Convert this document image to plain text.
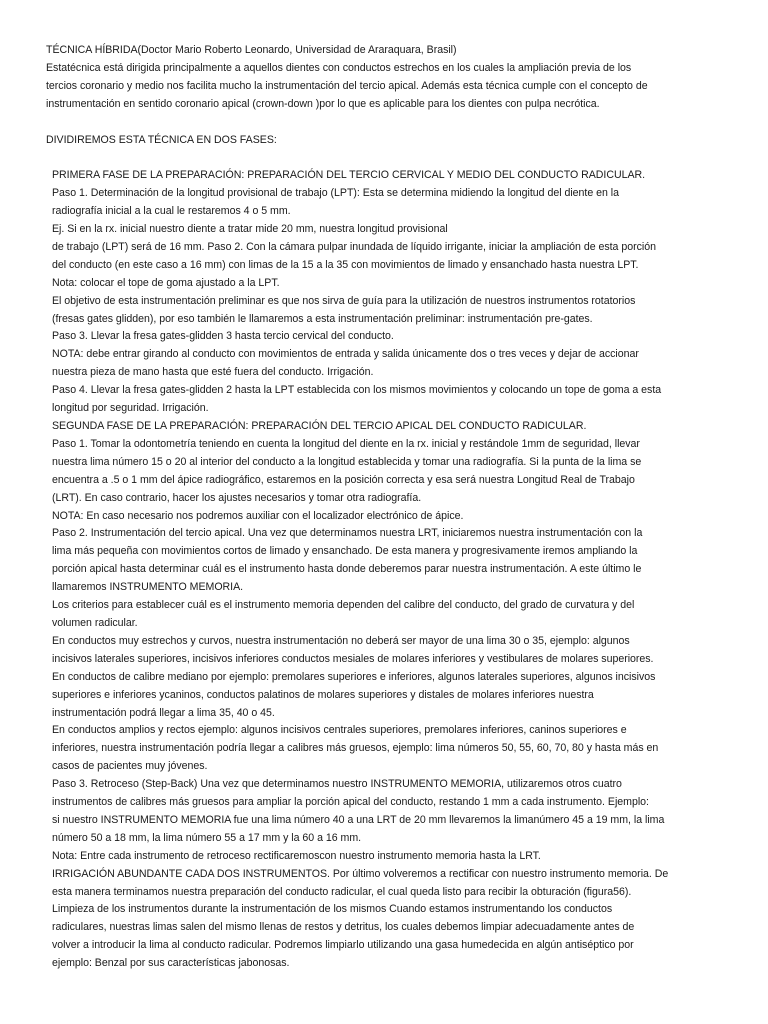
TÉCNICA HÍBRIDA(Doctor Mario Roberto Leonardo, Universidad de Araraquara, Brasil)
Estatécnica está dirigida principalmente a aquellos dientes con conductos estrechos en los cuales la ampliación previa de los
tercios coronario y medio nos facilita mucho la instrumentación del tercio apical. Además esta técnica cumple con el concepto de
instrumentación en sentido coronario apical (crown-down )por lo que es aplicable para los dientes con pulpa necrótica.
DIVIDIREMOS ESTA TÉCNICA EN DOS FASES:
PRIMERA FASE DE LA PREPARACIÓN: PREPARACIÓN DEL TERCIO CERVICAL Y MEDIO DEL CONDUCTO RADICULAR.
Paso 1. Determinación de la longitud provisional de trabajo (LPT): Esta se determina midiendo la longitud del diente en la
radiografía inicial a la cual le restaremos 4 o 5 mm.
Ej. Si en la rx. inicial nuestro diente a tratar mide 20 mm, nuestra longitud provisional
de trabajo (LPT) será de 16 mm. Paso 2. Con la cámara pulpar inundada de líquido irrigante, iniciar la ampliación de esta porción
del conducto (en este caso a 16 mm) con limas de la 15 a la 35 con movimientos de limado y ensanchado hasta nuestra LPT.
Nota: colocar el tope de goma ajustado a la LPT.
El objetivo de esta instrumentación preliminar es que nos sirva de guía para la utilización de nuestros instrumentos rotatorios
(fresas gates glidden), por eso también le llamaremos a esta instrumentación preliminar: instrumentación pre-gates.
Paso 3. Llevar la fresa gates-glidden 3 hasta tercio cervical del conducto.
NOTA: debe entrar girando al conducto con movimientos de entrada y salida únicamente dos o tres veces y dejar de accionar
nuestra pieza de mano hasta que esté fuera del conducto. Irrigación.
Paso 4. Llevar la fresa gates-glidden 2 hasta la LPT establecida con los mismos movimientos y colocando un tope de goma a esta
longitud por seguridad. Irrigación.
SEGUNDA FASE DE LA PREPARACIÓN: PREPARACIÓN DEL TERCIO APICAL DEL CONDUCTO RADICULAR.
Paso 1. Tomar la odontometría teniendo en cuenta la longitud del diente en la rx. inicial y restándole 1mm de seguridad, llevar
nuestra lima número 15 o 20 al interior del conducto a la longitud establecida y tomar una radiografía. Si la punta de la lima se
encuentra a .5 o 1 mm del ápice radiográfico, estaremos en la posición correcta y esa será nuestra Longitud Real de Trabajo
(LRT). En caso contrario, hacer los ajustes necesarios y tomar otra radiografía.
NOTA: En caso necesario nos podremos auxiliar con el localizador electrónico de ápice.
Paso 2. Instrumentación del tercio apical. Una vez que determinamos nuestra LRT, iniciaremos nuestra instrumentación con la
lima más pequeña con movimientos cortos de limado y ensanchado. De esta manera y progresivamente iremos ampliando la
porción apical hasta determinar cuál es el instrumento hasta donde deberemos parar nuestra instrumentación. A este último le
llamaremos INSTRUMENTO MEMORIA.
Los criterios para establecer cuál es el instrumento memoria dependen del calibre del conducto, del grado de curvatura y del
volumen radicular.
En conductos muy estrechos y curvos, nuestra instrumentación no deberá ser mayor de una lima 30 o 35, ejemplo: algunos
incisivos laterales superiores, incisivos inferiores conductos mesiales de molares inferiores y vestibulares de molares superiores.
En conductos de calibre mediano por ejemplo: premolares superiores e inferiores, algunos laterales superiores, algunos incisivos
superiores e inferiores ycaninos, conductos palatinos de molares superiores y distales de molares inferiores nuestra
instrumentación podrá llegar a lima 35, 40 o 45.
En conductos amplios y rectos ejemplo: algunos incisivos centrales superiores, premolares inferiores, caninos superiores e
inferiores, nuestra instrumentación podría llegar a calibres más gruesos, ejemplo: lima números 50, 55, 60, 70, 80 y hasta más en
casos de pacientes muy jóvenes.
Paso 3. Retroceso (Step-Back) Una vez que determinamos nuestro INSTRUMENTO MEMORIA, utilizaremos otros cuatro
instrumentos de calibres más gruesos para ampliar la porción apical del conducto, restando 1 mm a cada instrumento. Ejemplo:
si nuestro INSTRUMENTO MEMORIA fue una lima número 40 a una LRT de 20 mm llevaremos la limanúmero 45 a 19 mm, la lima
número 50 a 18 mm, la lima número 55 a 17 mm y la 60 a 16 mm.
Nota: Entre cada instrumento de retroceso rectificaremoscon nuestro instrumento memoria hasta la LRT.
IRRIGACIÓN ABUNDANTE CADA DOS INSTRUMENTOS. Por último volveremos a rectificar con nuestro instrumento memoria. De
esta manera terminamos nuestra preparación del conducto radicular, el cual queda listo para recibir la obturación (figura56).
Limpieza de los instrumentos durante la instrumentación de los mismos Cuando estamos instrumentando los conductos
radiculares, nuestras limas salen del mismo llenas de restos y detritus, los cuales debemos limpiar adecuadamente antes de
volver a introducir la lima al conducto radicular. Podremos limpiarlo utilizando una gasa humedecida en algún antiséptico por
ejemplo: Benzal por sus características jabonosas.
